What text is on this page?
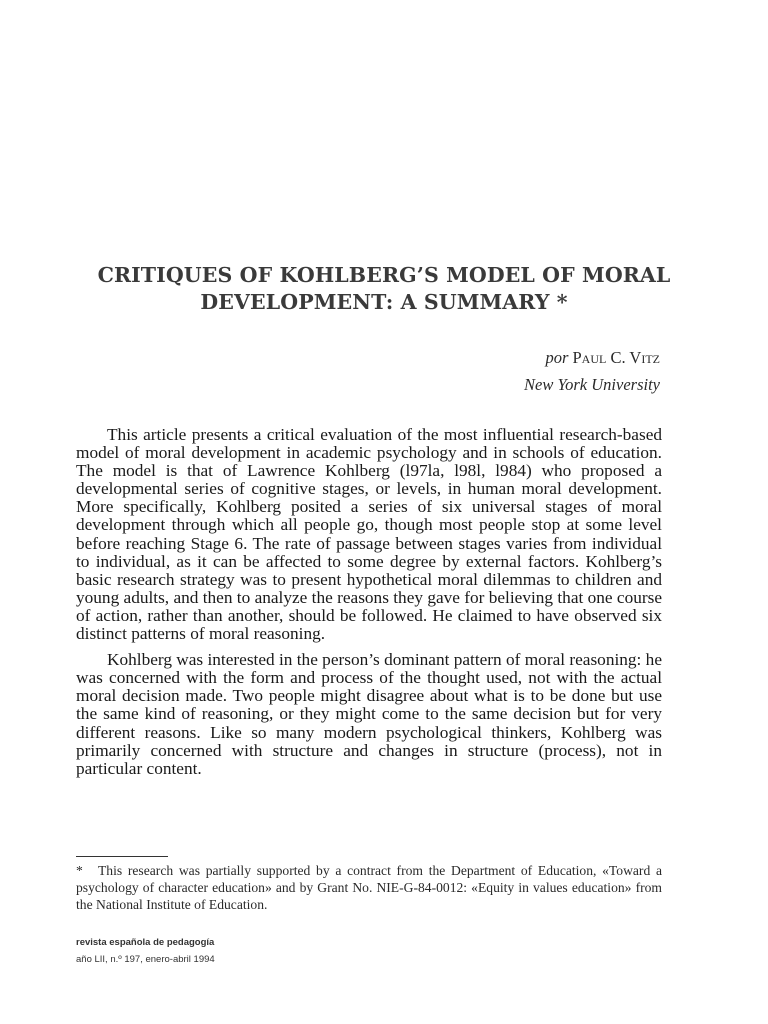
CRITIQUES OF KOHLBERG’S MODEL OF MORAL
DEVELOPMENT: A SUMMARY *
por Paul C. Vitz
New York University

This article presents a critical evaluation of the most influential research-based model of moral development in academic psychology and in schools of education. The model is that of Lawrence Kohlberg (l97la, l98l, l984) who proposed a developmental series of cognitive stages, or levels, in human moral development. More specifically, Kohlberg posited a series of six universal stages of moral development through which all people go, though most people stop at some level before reaching Stage 6. The rate of passage between stages varies from individual to individual, as it can be affected to some degree by external factors. Kohlberg’s basic research strategy was to present hypothetical moral dilemmas to children and young adults, and then to analyze the reasons they gave for believing that one course of action, rather than another, should be followed. He claimed to have observed six distinct patterns of moral reasoning.

Kohlberg was interested in the person’s dominant pattern of moral reasoning: he was concerned with the form and process of the thought used, not with the actual moral decision made. Two people might disagree about what is to be done but use the same kind of reasoning, or they might come to the same decision but for very different reasons. Like so many modern psychological thinkers, Kohlberg was primarily concerned with structure and changes in structure (process), not in particular content.

* This research was partially supported by a contract from the Department of Education, «Toward a psychology of character education» and by Grant No. NIE-G-84-0012: «Equity in values education» from the National Institute of Education.
revista española de pedagogía
año LII, n.º 197, enero-abril 1994
